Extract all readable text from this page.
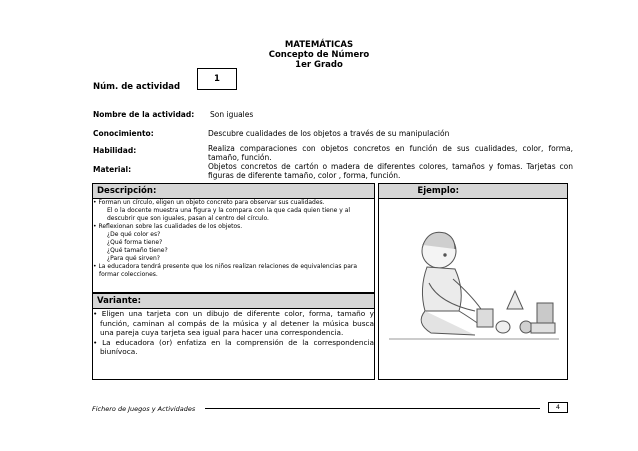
MATEMÁTICAS
Concepto de Número
1er Grado
Núm. de actividad
1
Nombre de la actividad: Son iguales
Conocimiento:	Descubre cualidades de los objetos a través de su manipulación
Habilidad:	Realiza comparaciones con objetos concretos en función de sus cualidades, color, forma, tamaño, función.
Material:	Objetos concretos de cartón o madera de diferentes colores, tamaños y fomas. Tarjetas con figuras de diferente tamaño, color , forma, función.
Descripción:
• Forman un círculo, eligen un objeto concreto para observar sus cualidades.
El o la docente muestra una figura y la compara con la que cada quien tiene y al descubrir que son iguales, pasan al centro del círculo.
• Reflexionan sobre las cualidades de los objetos.
¿De qué color es?
¿Qué forma tiene?
¿Qué tamaño tiene?
¿Para qué sirven?
• La educadora tendrá presente que los niños realizan relaciones de equivalencias para formar colecciones.
Variante:
• Eligen una tarjeta con un dibujo de diferente color, forma, tamaño y función, caminan al compás de la música y al detener la música busca una pareja cuya tarjeta sea igual para hacer una correspondencia.
• La educadora (or) enfatiza en la comprensión de la correspondencia biunívoca.
Ejemplo:
Fichero de Juegos y Actividades	4
